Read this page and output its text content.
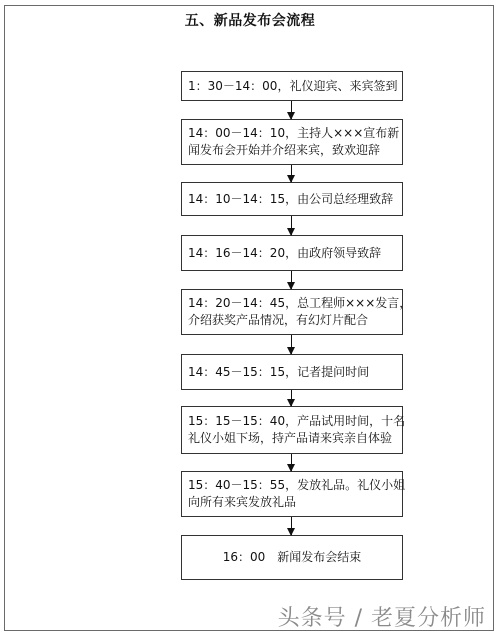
五、新品发布会流程
1：30－14：00，礼仪迎宾、来宾签到
14：00－14：10，主持人×××宣布新
闻发布会开始并介绍来宾，致欢迎辞
14：10－14：15，由公司总经理致辞
14：16－14：20，由政府领导致辞
14：20－14：45，总工程师×××发言，
介绍获奖产品情况，有幻灯片配合
14：45－15：15，记者提问时间
15：15－15：40，产品试用时间，十名
礼仪小姐下场，持产品请来宾亲自体验
15：40－15：55，发放礼品。礼仪小姐
向所有来宾发放礼品
16：00　新闻发布会结束
头条号 / 老夏分析师
